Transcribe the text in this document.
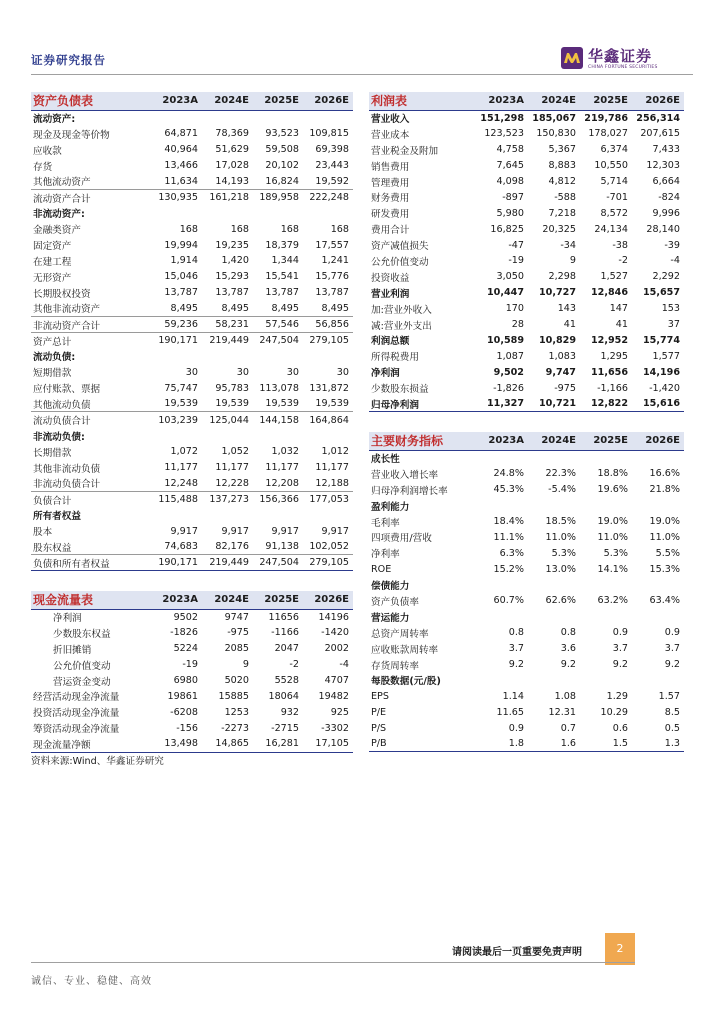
证券研究报告	华鑫证券
CHINA FORTUNE SECURITIES
资产负债表	2023A	2024E	2025E	2026E
流动资产:				
现金及现金等价物	64,871	78,369	93,523	109,815
应收款	40,964	51,629	59,508	69,398
存货	13,466	17,028	20,102	23,443
其他流动资产	11,634	14,193	16,824	19,592
流动资产合计	130,935	161,218	189,958	222,248
非流动资产:				
金融类资产	168	168	168	168
固定资产	19,994	19,235	18,379	17,557
在建工程	1,914	1,420	1,344	1,241
无形资产	15,046	15,293	15,541	15,776
长期股权投资	13,787	13,787	13,787	13,787
其他非流动资产	8,495	8,495	8,495	8,495
非流动资产合计	59,236	58,231	57,546	56,856
资产总计	190,171	219,449	247,504	279,105
流动负债:				
短期借款	30	30	30	30
应付账款、票据	75,747	95,783	113,078	131,872
其他流动负债	19,539	19,539	19,539	19,539
流动负债合计	103,239	125,044	144,158	164,864
非流动负债:				
长期借款	1,072	1,052	1,032	1,012
其他非流动负债	11,177	11,177	11,177	11,177
非流动负债合计	12,248	12,228	12,208	12,188
负债合计	115,488	137,273	156,366	177,053
所有者权益				
股本	9,917	9,917	9,917	9,917
股东权益	74,683	82,176	91,138	102,052
负债和所有者权益	190,171	219,449	247,504	279,105
现金流量表	2023A	2024E	2025E	2026E
净利润	9502	9747	11656	14196
少数股东权益	-1826	-975	-1166	-1420
折旧摊销	5224	2085	2047	2002
公允价值变动	-19	9	-2	-4
营运资金变动	6980	5020	5528	4707
经营活动现金净流量	19861	15885	18064	19482
投资活动现金净流量	-6208	1253	932	925
筹资活动现金净流量	-156	-2273	-2715	-3302
现金流量净额	13,498	14,865	16,281	17,105
利润表	2023A	2024E	2025E	2026E
营业收入	151,298	185,067	219,786	256,314
营业成本	123,523	150,830	178,027	207,615
营业税金及附加	4,758	5,367	6,374	7,433
销售费用	7,645	8,883	10,550	12,303
管理费用	4,098	4,812	5,714	6,664
财务费用	-897	-588	-701	-824
研发费用	5,980	7,218	8,572	9,996
费用合计	16,825	20,325	24,134	28,140
资产减值损失	-47	-34	-38	-39
公允价值变动	-19	9	-2	-4
投资收益	3,050	2,298	1,527	2,292
营业利润	10,447	10,727	12,846	15,657
加:营业外收入	170	143	147	153
减:营业外支出	28	41	41	37
利润总额	10,589	10,829	12,952	15,774
所得税费用	1,087	1,083	1,295	1,577
净利润	9,502	9,747	11,656	14,196
少数股东损益	-1,826	-975	-1,166	-1,420
归母净利润	11,327	10,721	12,822	15,616
主要财务指标	2023A	2024E	2025E	2026E
成长性				
营业收入增长率	24.8%	22.3%	18.8%	16.6%
归母净利润增长率	45.3%	-5.4%	19.6%	21.8%
盈利能力				
毛利率	18.4%	18.5%	19.0%	19.0%
四项费用/营收	11.1%	11.0%	11.0%	11.0%
净利率	6.3%	5.3%	5.3%	5.5%
ROE	15.2%	13.0%	14.1%	15.3%
偿债能力				
资产负债率	60.7%	62.6%	63.2%	63.4%
营运能力				
总资产周转率	0.8	0.8	0.9	0.9
应收账款周转率	3.7	3.6	3.7	3.7
存货周转率	9.2	9.2	9.2	9.2
每股数据(元/股)				
EPS	1.14	1.08	1.29	1.57
P/E	11.65	12.31	10.29	8.5
P/S	0.9	0.7	0.6	0.5
P/B	1.8	1.6	1.5	1.3
资料来源:Wind、华鑫证券研究
请阅读最后一页重要免责声明	2
诚信、专业、稳健、高效
